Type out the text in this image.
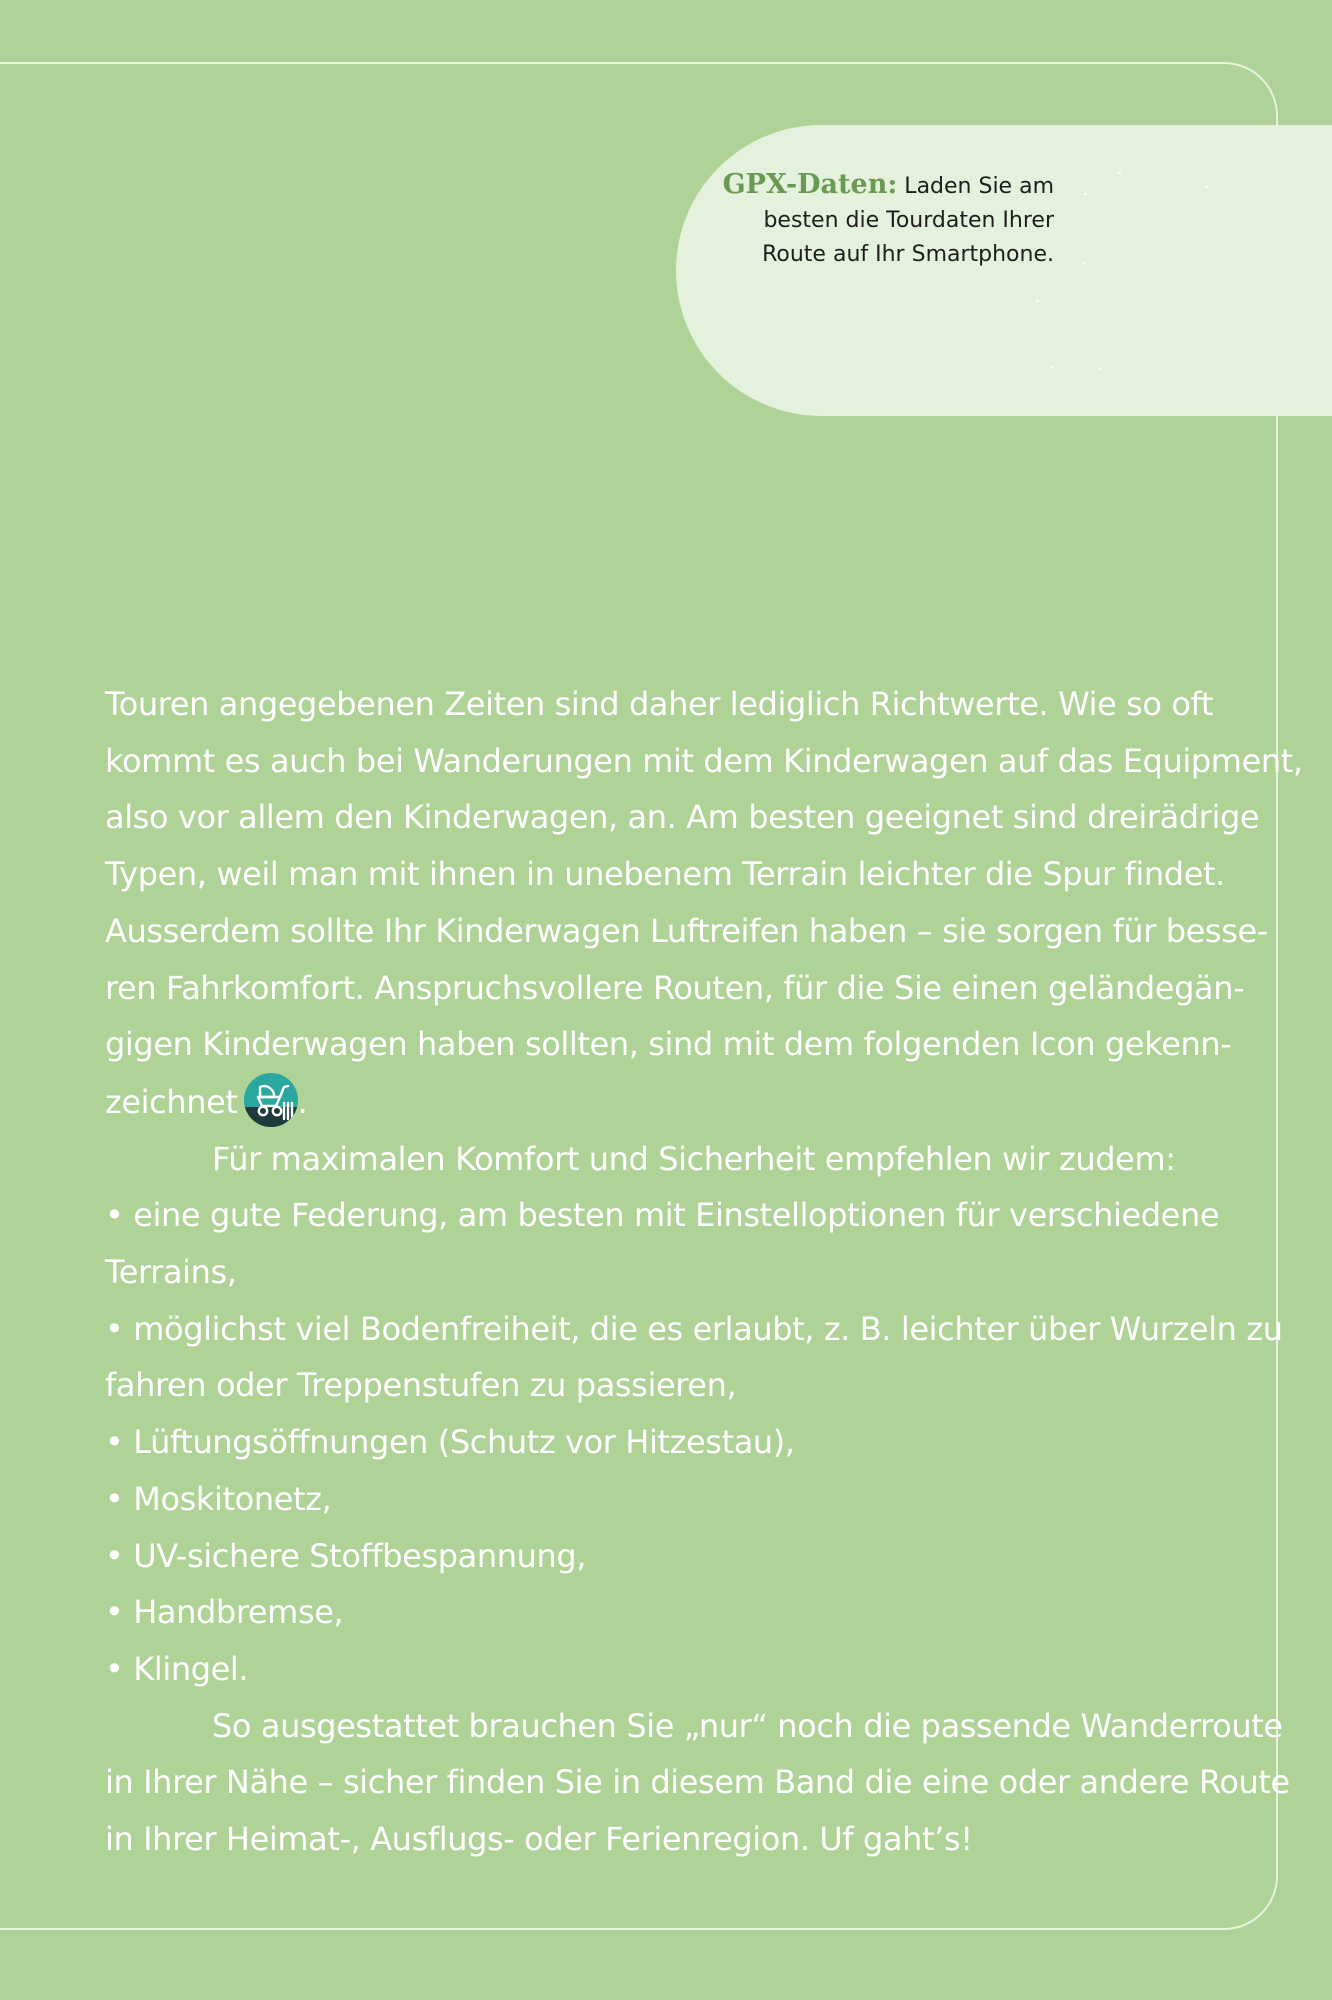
GPX-Daten: Laden Sie am besten die Tourdaten Ihrer Route auf Ihr Smartphone.
Touren angegebenen Zeiten sind daher lediglich Richtwerte. Wie so oft
kommt es auch bei Wanderungen mit dem Kinderwagen auf das Equipment,
also vor allem den Kinderwagen, an. Am besten geeignet sind dreirädrige
Typen, weil man mit ihnen in unebenem Terrain leichter die Spur findet.
Ausserdem sollte Ihr Kinderwagen Luftreifen haben – sie sorgen für besse-
ren Fahrkomfort. Anspruchsvollere Routen, für die Sie einen geländegän-
gigen Kinderwagen haben sollten, sind mit dem folgenden Icon gekenn-
zeichnet .
Für maximalen Komfort und Sicherheit empfehlen wir zudem:
• eine gute Federung, am besten mit Einstelloptionen für verschiedene
Terrains,
• möglichst viel Bodenfreiheit, die es erlaubt, z. B. leichter über Wurzeln zu
fahren oder Treppenstufen zu passieren,
• Lüftungsöffnungen (Schutz vor Hitzestau),
• Moskitonetz,
• UV-sichere Stoffbespannung,
• Handbremse,
• Klingel.
So ausgestattet brauchen Sie „nur“ noch die passende Wanderroute
in Ihrer Nähe – sicher finden Sie in diesem Band die eine oder andere Route
in Ihrer Heimat-, Ausflugs- oder Ferienregion. Uf gaht’s!
